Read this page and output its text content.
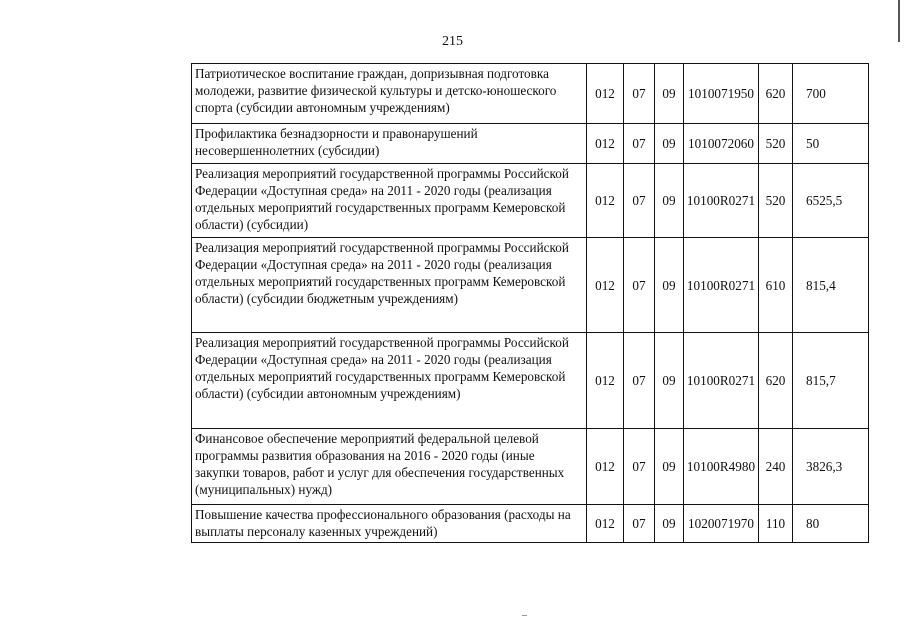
215
Патриотическое воспитание граждан, допризывная подготовка молодежи, развитие физической культуры и детско-юношеского спорта (субсидии автономным учреждениям)	012	07	09	1010071950	620	700
Профилактика безнадзорности и правонарушений несовершеннолетних (субсидии)	012	07	09	1010072060	520	50
Реализация мероприятий государственной программы Российской Федерации «Доступная среда» на 2011 - 2020 годы (реализация отдельных мероприятий государственных программ Кемеровской области) (субсидии)	012	07	09	10100R0271	520	6525,5
Реализация мероприятий государственной программы Российской Федерации «Доступная среда» на 2011 - 2020 годы (реализация отдельных мероприятий государственных программ Кемеровской области) (субсидии бюджетным учреждениям)	012	07	09	10100R0271	610	815,4
Реализация мероприятий государственной программы Российской Федерации «Доступная среда» на 2011 - 2020 годы (реализация отдельных мероприятий государственных программ Кемеровской области) (субсидии автономным учреждениям)	012	07	09	10100R0271	620	815,7
Финансовое обеспечение мероприятий федеральной целевой программы развития образования на 2016 - 2020 годы (иные закупки товаров, работ и услуг для обеспечения государственных (муниципальных) нужд)	012	07	09	10100R4980	240	3826,3
Повышение качества профессионального образования (расходы на выплаты персоналу казенных учреждений)	012	07	09	1020071970	110	80
